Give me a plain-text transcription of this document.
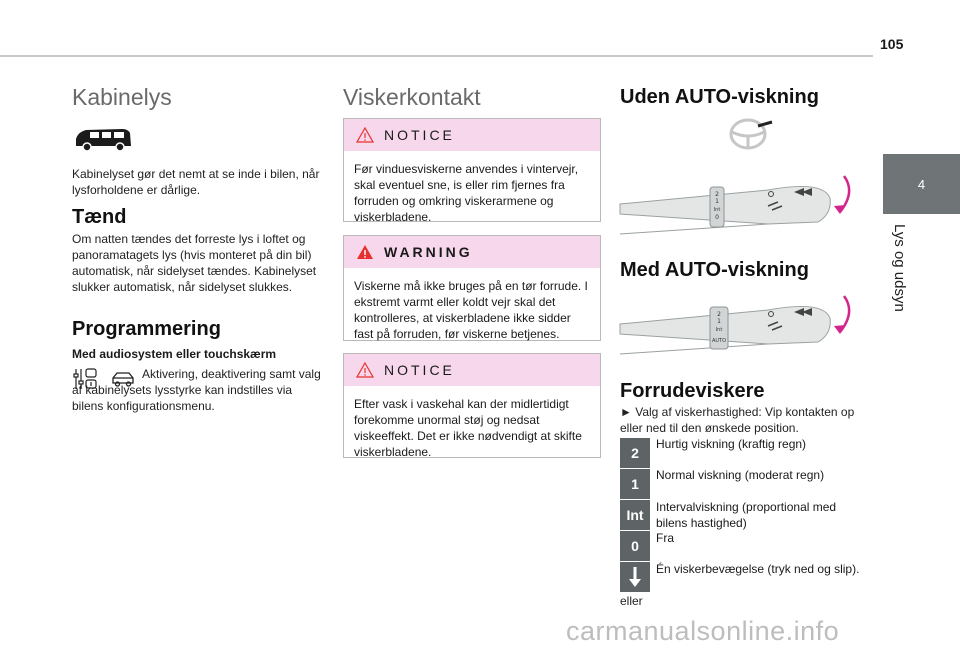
105
4
Lys og udsyn
Kabinelys
Kabinelyset gør det nemt at se inde i bilen, når lysforholdene er dårlige.
Tænd
Om natten tændes det forreste lys i loftet og panoramatagets lys (hvis monteret på din bil) automatisk, når sidelyset tændes. Kabinelyset slukker automatisk, når sidelyset slukkes.
Programmering
Med audiosystem eller touchskærm
Aktivering, deaktivering samt valg af kabinelysets lysstyrke kan indstilles via bilens konfigurationsmenu.
Viskerkontakt
NOTICE
Før vinduesviskerne anvendes i vintervejr, skal eventuel sne, is eller rim fjernes fra forruden og omkring viskerarmene og viskerbladene.
WARNING
Viskerne må ikke bruges på en tør forrude. I ekstremt varmt eller koldt vejr skal det kontrolleres, at viskerbladene ikke sidder fast på forruden, før viskerne betjenes.
NOTICE
Efter vask i vaskehal kan der midlertidigt forekomme unormal støj og nedsat viskeeffekt. Det er ikke nødvendigt at skifte viskerbladene.
Uden AUTO-viskning
2
1
Int
0
Med AUTO-viskning
2
1
Int
AUTO
Forrudeviskere
► Valg af viskerhastighed: Vip kontakten op eller ned til den ønskede position.
2
Hurtig viskning (kraftig regn)
1
Normal viskning (moderat regn)
Int	Intervalviskning (proportional med bilens hastighed)
0	Fra
Én viskerbevægelse (tryk ned og slip).
eller
carmanualsonline.info
